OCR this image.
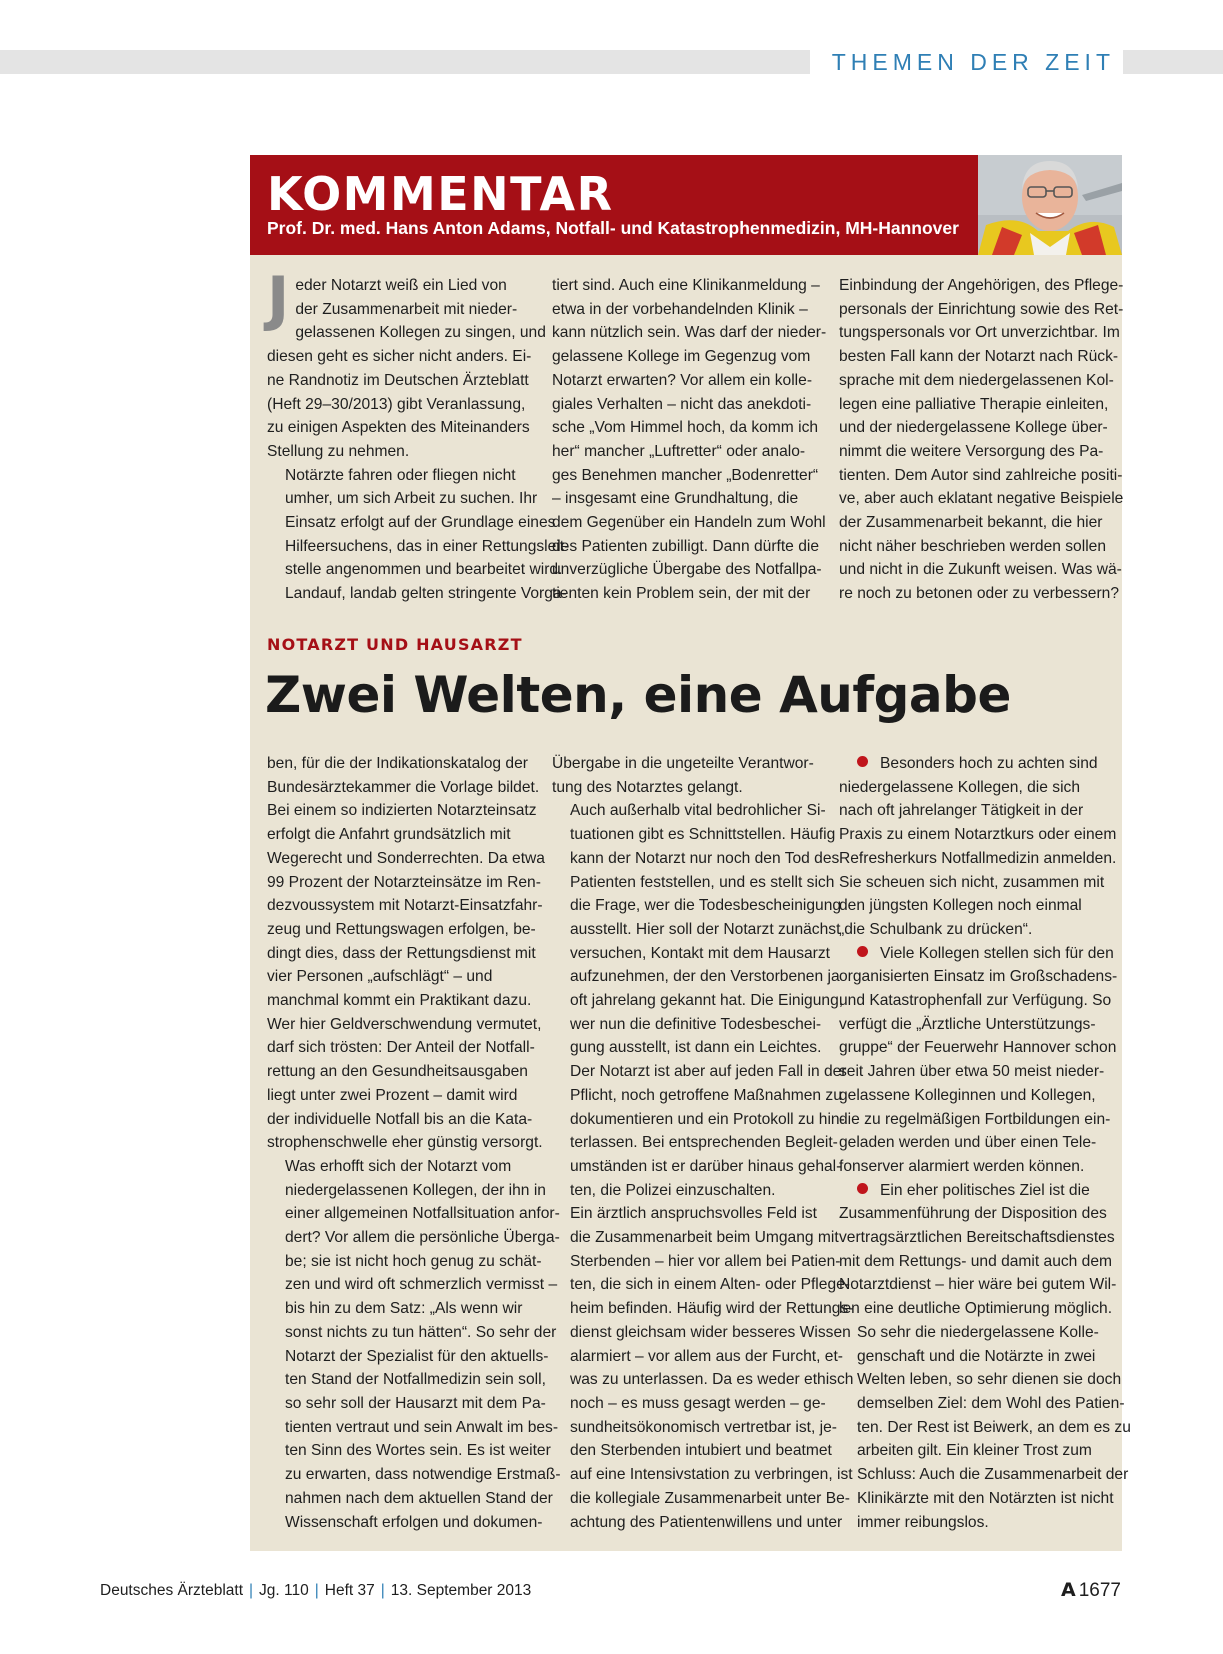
THEMEN DER ZEIT
KOMMENTAR
Prof. Dr. med. Hans Anton Adams, Notfall- und Katastrophenmedizin, MH-Hannover
J eder Notarzt weiß ein Lied von
der Zusammenarbeit mit nieder-
gelassenen Kollegen zu singen, und
diesen geht es sicher nicht anders. Ei-
ne Randnotiz im Deutschen Ärzteblatt
(Heft 29–30/2013) gibt Veranlassung,
zu einigen Aspekten des Miteinanders
Stellung zu nehmen.

Notärzte fahren oder fliegen nicht
umher, um sich Arbeit zu suchen. Ihr
Einsatz erfolgt auf der Grundlage eines
Hilfeersuchens, das in einer Rettungsleit-
stelle angenommen und bearbeitet wird.
Landauf, landab gelten stringente Vorga-

tiert sind. Auch eine Klinikanmeldung –
etwa in der vorbehandelnden Klinik –
kann nützlich sein. Was darf der nieder-
gelassene Kollege im Gegenzug vom
Notarzt erwarten? Vor allem ein kolle-
giales Verhalten – nicht das anekdoti-
sche „Vom Himmel hoch, da komm ich
her“ mancher „Luftretter“ oder analo-
ges Benehmen mancher „Bodenretter“
– insgesamt eine Grundhaltung, die
dem Gegenüber ein Handeln zum Wohl
des Patienten zubilligt. Dann dürfte die
unverzügliche Übergabe des Notfallpa-
tienten kein Problem sein, der mit der

Einbindung der Angehörigen, des Pflege-
personals der Einrichtung sowie des Ret-
tungspersonals vor Ort unverzichtbar. Im
besten Fall kann der Notarzt nach Rück-
sprache mit dem niedergelassenen Kol-
legen eine palliative Therapie einleiten,
und der niedergelassene Kollege über-
nimmt die weitere Versorgung des Pa-
tienten. Dem Autor sind zahlreiche positi-
ve, aber auch eklatant negative Beispiele
der Zusammenarbeit bekannt, die hier
nicht näher beschrieben werden sollen
und nicht in die Zukunft weisen. Was wä-
re noch zu betonen oder zu verbessern?

NOTARZT UND HAUSARZT
Zwei Welten, eine Aufgabe

ben, für die der Indikationskatalog der
Bundesärztekammer die Vorlage bildet.
Bei einem so indizierten Notarzteinsatz
erfolgt die Anfahrt grundsätzlich mit
Wegerecht und Sonderrechten. Da etwa
99 Prozent der Notarzteinsätze im Ren-
dezvoussystem mit Notarzt-Einsatzfahr-
zeug und Rettungswagen erfolgen, be-
dingt dies, dass der Rettungsdienst mit
vier Personen „aufschlägt“ – und
manchmal kommt ein Praktikant dazu.
Wer hier Geldverschwendung vermutet,
darf sich trösten: Der Anteil der Notfall-
rettung an den Gesundheitsausgaben
liegt unter zwei Prozent – damit wird
der individuelle Notfall bis an die Kata-
strophenschwelle eher günstig versorgt.

Was erhofft sich der Notarzt vom
niedergelassenen Kollegen, der ihn in
einer allgemeinen Notfallsituation anfor-
dert? Vor allem die persönliche Übergа-
be; sie ist nicht hoch genug zu schät-
zen und wird oft schmerzlich vermisst –
bis hin zu dem Satz: „Als wenn wir
sonst nichts zu tun hätten“. So sehr der
Notarzt der Spezialist für den aktuells-
ten Stand der Notfallmedizin sein soll,
so sehr soll der Hausarzt mit dem Pa-
tienten vertraut und sein Anwalt im bes-
ten Sinn des Wortes sein. Es ist weiter
zu erwarten, dass notwendige Erstmaß-
nahmen nach dem aktuellen Stand der
Wissenschaft erfolgen und dokumen-

Übergabe in die ungeteilte Verantwor-
tung des Notarztes gelangt.

Auch außerhalb vital bedrohlicher Si-
tuationen gibt es Schnittstellen. Häufig
kann der Notarzt nur noch den Tod des
Patienten feststellen, und es stellt sich
die Frage, wer die Todesbescheinigung
ausstellt. Hier soll der Notarzt zunächst
versuchen, Kontakt mit dem Hausarzt
aufzunehmen, der den Verstorbenen ja
oft jahrelang gekannt hat. Die Einigung,
wer nun die definitive Todesbeschei-
gung ausstellt, ist dann ein Leichtes.
Der Notarzt ist aber auf jeden Fall in der
Pflicht, noch getroffene Maßnahmen zu
dokumentieren und ein Protokoll zu hin-
terlassen. Bei entsprechenden Begleit-
umständen ist er darüber hinaus gehal-
ten, die Polizei einzuschalten.

Ein ärztlich anspruchsvolles Feld ist
die Zusammenarbeit beim Umgang mit
Sterbenden – hier vor allem bei Patien-
ten, die sich in einem Alten- oder Pflege-
heim befinden. Häufig wird der Rettungs-
dienst gleichsam wider besseres Wissen
alarmiert – vor allem aus der Furcht, et-
was zu unterlassen. Da es weder ethisch
noch – es muss gesagt werden – ge-
sundheitsökonomisch vertretbar ist, je-
den Sterbenden intubiert und beatmet
auf eine Intensivstation zu verbringen, ist
die kollegiale Zusammenarbeit unter Be-
achtung des Patientenwillens und unter

Besonders hoch zu achten sind
niedergelassene Kollegen, die sich
nach oft jahrelanger Tätigkeit in der
Praxis zu einem Notarztkurs oder einem
Refresherkurs Notfallmedizin anmelden.
Sie scheuen sich nicht, zusammen mit
den jüngsten Kollegen noch einmal
„die Schulbank zu drücken“.

Viele Kollegen stellen sich für den
organisierten Einsatz im Großschadens-
und Katastrophenfall zur Verfügung. So
verfügt die „Ärztliche Unterstützungs-
gruppe“ der Feuerwehr Hannover schon
seit Jahren über etwa 50 meist nieder-
gelassene Kolleginnen und Kollegen,
die zu regelmäßigen Fortbildungen ein-
geladen werden und über einen Tele-
fonserver alarmiert werden können.

Ein eher politisches Ziel ist die
Zusammenführung der Disposition des
vertragsärztlichen Bereitschaftsdienstes
mit dem Rettungs- und damit auch dem
Notarztdienst – hier wäre bei gutem Wil-
len eine deutliche Optimierung möglich.

So sehr die niedergelassene Kolle-
genschaft und die Notärzte in zwei
Welten leben, so sehr dienen sie doch
demselben Ziel: dem Wohl des Patien-
ten. Der Rest ist Beiwerk, an dem es zu
arbeiten gilt. Ein kleiner Trost zum
Schluss: Auch die Zusammenarbeit der
Klinikärzte mit den Notärzten ist nicht
immer reibungslos.

Deutsches Ärzteblatt | Jg. 110 | Heft 37 | 13. September 2013	A 1677
